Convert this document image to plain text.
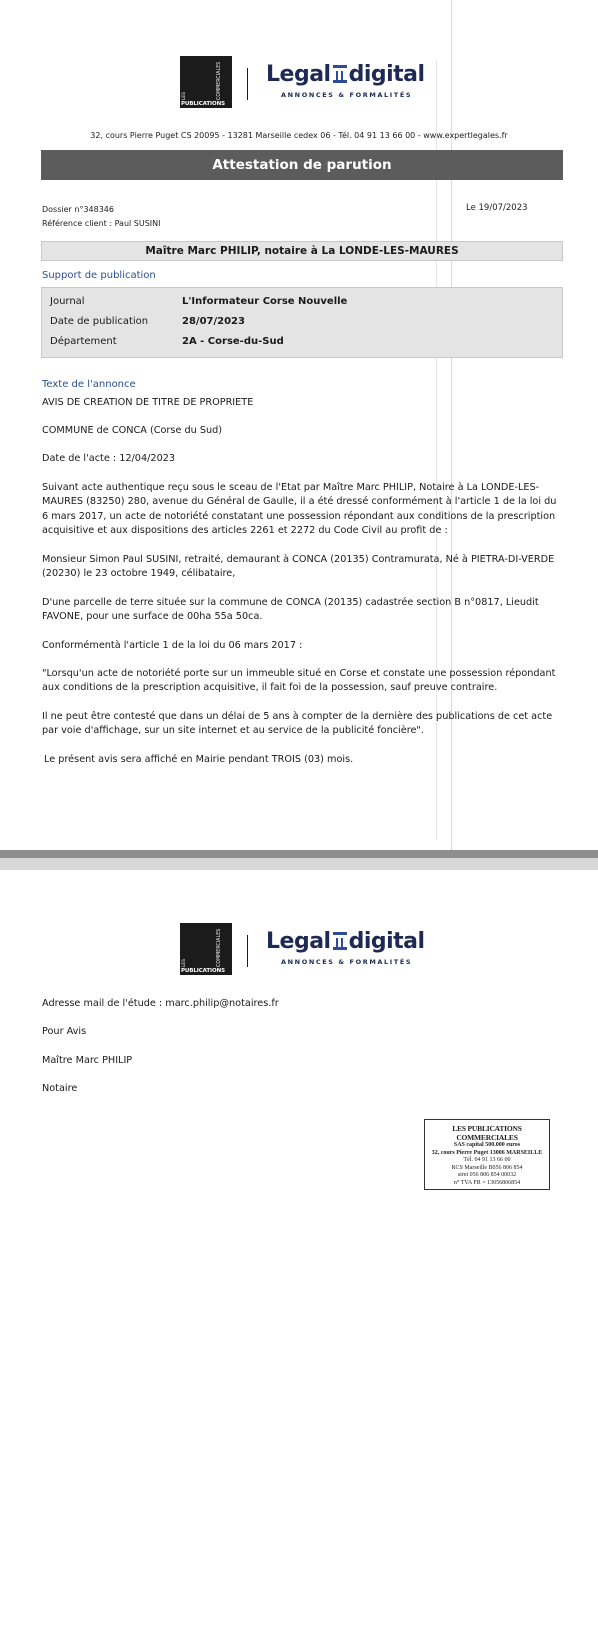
COMMERCIALES
LES
PUBLICATIONS
Legal digital
ANNONCES & FORMALITÉS
32, cours Pierre Puget CS 20095 - 13281 Marseille cedex 06 - Tél. 04 91 13 66 00 - www.expertlegales.fr
Attestation de parution
Dossier n°348346
Référence client : Paul SUSINI
Le 19/07/2023
Maître Marc PHILIP, notaire à La LONDE-LES-MAURES
Support de publication
Journal	L'Informateur Corse Nouvelle
Date de publication	28/07/2023
Département	2A - Corse-du-Sud
Texte de l'annonce

AVIS DE CREATION DE TITRE DE PROPRIETE

COMMUNE de CONCA (Corse du Sud)

Date de l'acte : 12/04/2023

Suivant acte authentique reçu sous le sceau de l'Etat par Maître Marc PHILIP, Notaire à La LONDE-LES-MAURES (83250) 280, avenue du Général de Gaulle, il a été dressé conformément à l'article 1 de la loi du 6 mars 2017, un acte de notoriété constatant une possession répondant aux conditions de la prescription acquisitive et aux dispositions des articles 2261 et 2272 du Code Civil au profit de :

Monsieur Simon Paul SUSINI, retraité, demaurant à CONCA (20135) Contramurata, Né à PIETRA-DI-VERDE (20230) le 23 octobre 1949, célibataire,

D'une parcelle de terre située sur la commune de CONCA (20135) cadastrée section B n°0817, Lieudit FAVONE, pour une surface de 00ha 55a 50ca.

Conformémentà l'article 1 de la loi du 06 mars 2017 :

"Lorsqu'un acte de notoriété porte sur un immeuble situé en Corse et constate une possession répondant aux conditions de la prescription acquisitive, il fait foi de la possession, sauf preuve contraire.

Il ne peut être contesté que dans un délai de 5 ans à compter de la dernière des publications de cet acte par voie d'affichage, sur un site internet et au service de la publicité foncière".

Le présent avis sera affiché en Mairie pendant TROIS (03) mois.

COMMERCIALES
LES
PUBLICATIONS
Legal digital
ANNONCES & FORMALITÉS
Adresse mail de l'étude : marc.philip@notaires.fr
Pour Avis
Maître Marc PHILIP
Notaire
LES PUBLICATIONS COMMERCIALES
SAS capital 500.000 euros
32, cours Pierre Puget 13006 MARSEILLE
Tél. 04 91 13 66 00
RCS Marseille B056 806 854
siret 056 806 854 00032
n° TVA FR = 13056806854
